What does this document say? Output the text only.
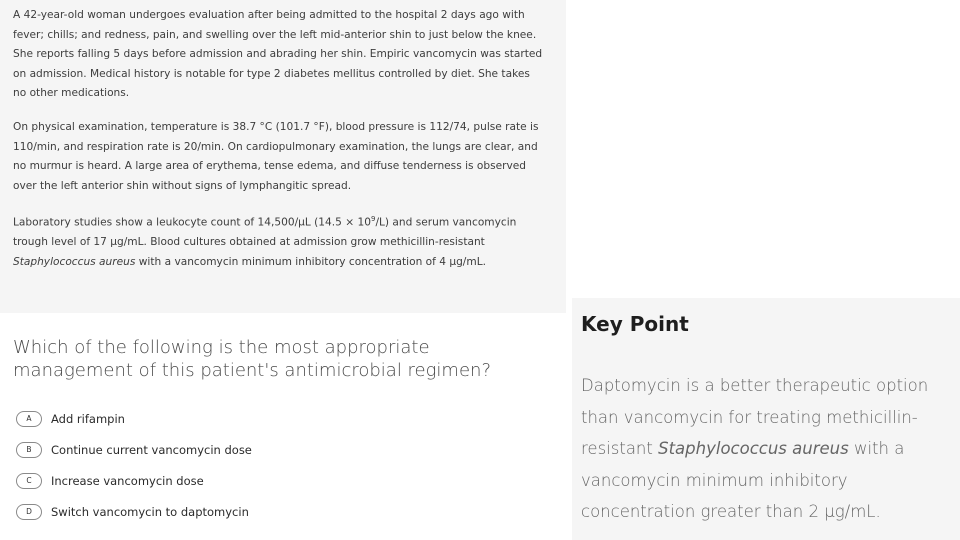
A 42-year-old woman undergoes evaluation after being admitted to the hospital 2 days ago with fever; chills; and redness, pain, and swelling over the left mid-anterior shin to just below the knee. She reports falling 5 days before admission and abrading her shin. Empiric vancomycin was started on admission. Medical history is notable for type 2 diabetes mellitus controlled by diet. She takes no other medications.

On physical examination, temperature is 38.7 °C (101.7 °F), blood pressure is 112/74, pulse rate is 110/min, and respiration rate is 20/min. On cardiopulmonary examination, the lungs are clear, and no murmur is heard. A large area of erythema, tense edema, and diffuse tenderness is observed over the left anterior shin without signs of lymphangitic spread.

Laboratory studies show a leukocyte count of 14,500/µL $(14.5 \times 10^9/L)$ and serum vancomycin trough level of 17 µg/mL. Blood cultures obtained at admission grow methicillin-resistant Staphylococcus aureus with a vancomycin minimum inhibitory concentration of 4 µg/mL.

Which of the following is the most appropriate management of this patient's antimicrobial regimen?

A	Add rifampin
B	Continue current vancomycin dose
C	Increase vancomycin dose
D	Switch vancomycin to daptomycin
Key Point

Daptomycin is a better therapeutic option than vancomycin for treating methicillin-resistant Staphylococcus aureus with a vancomycin minimum inhibitory concentration greater than 2 µg/mL.
